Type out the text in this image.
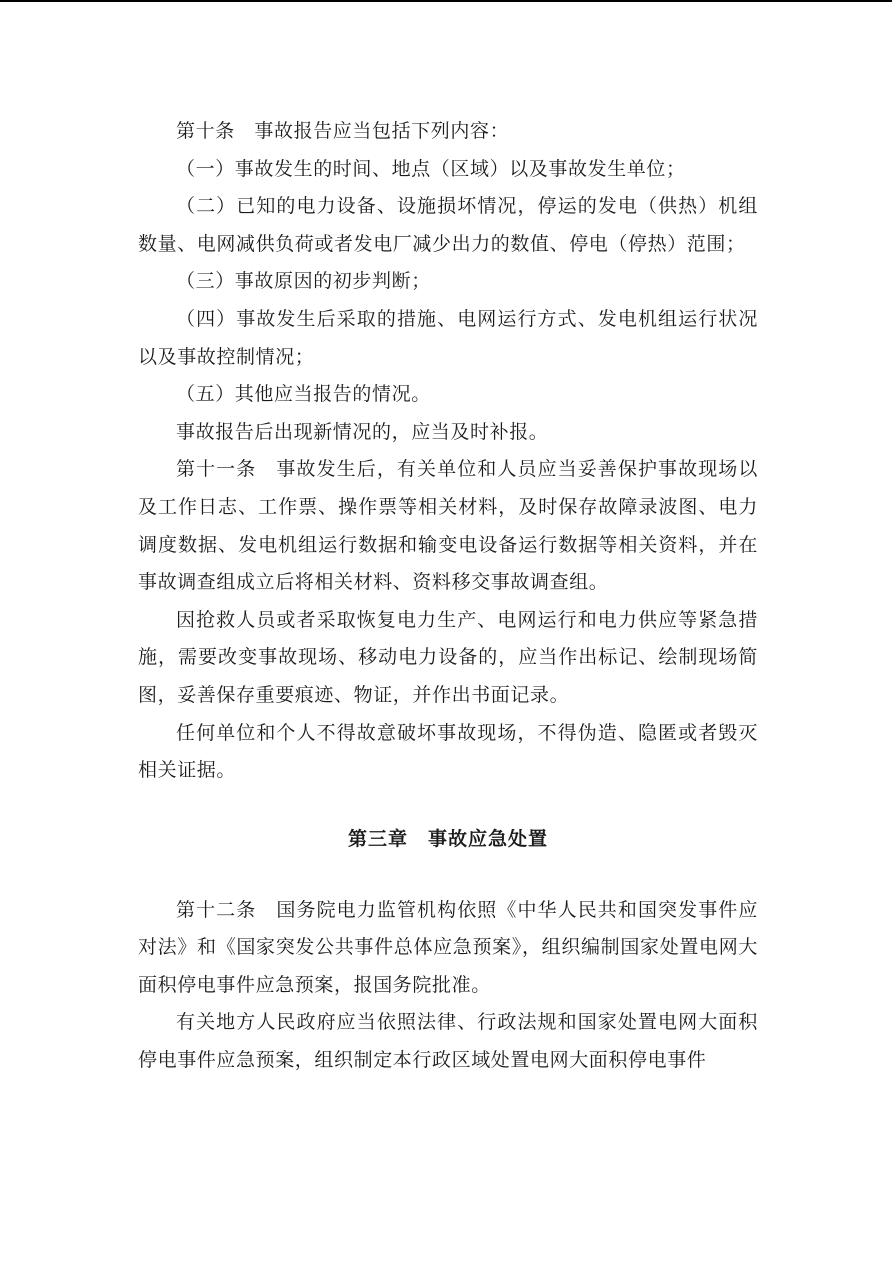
第十条　事故报告应当包括下列内容：

（一）事故发生的时间、地点（区域）以及事故发生单位；

（二）已知的电力设备、设施损坏情况，停运的发电（供热）机组数量、电网减供负荷或者发电厂减少出力的数值、停电（停热）范围；

（三）事故原因的初步判断；

（四）事故发生后采取的措施、电网运行方式、发电机组运行状况以及事故控制情况；

（五）其他应当报告的情况。

事故报告后出现新情况的，应当及时补报。

第十一条　事故发生后，有关单位和人员应当妥善保护事故现场以及工作日志、工作票、操作票等相关材料，及时保存故障录波图、电力调度数据、发电机组运行数据和输变电设备运行数据等相关资料，并在事故调查组成立后将相关材料、资料移交事故调查组。

因抢救人员或者采取恢复电力生产、电网运行和电力供应等紧急措施，需要改变事故现场、移动电力设备的，应当作出标记、绘制现场简图，妥善保存重要痕迹、物证，并作出书面记录。

任何单位和个人不得故意破坏事故现场，不得伪造、隐匿或者毁灭相关证据。

第三章　事故应急处置

第十二条　国务院电力监管机构依照《中华人民共和国突发事件应对法》和《国家突发公共事件总体应急预案》，组织编制国家处置电网大面积停电事件应急预案，报国务院批准。

有关地方人民政府应当依照法律、行政法规和国家处置电网大面积停电事件应急预案，组织制定本行政区域处置电网大面积停电事件
